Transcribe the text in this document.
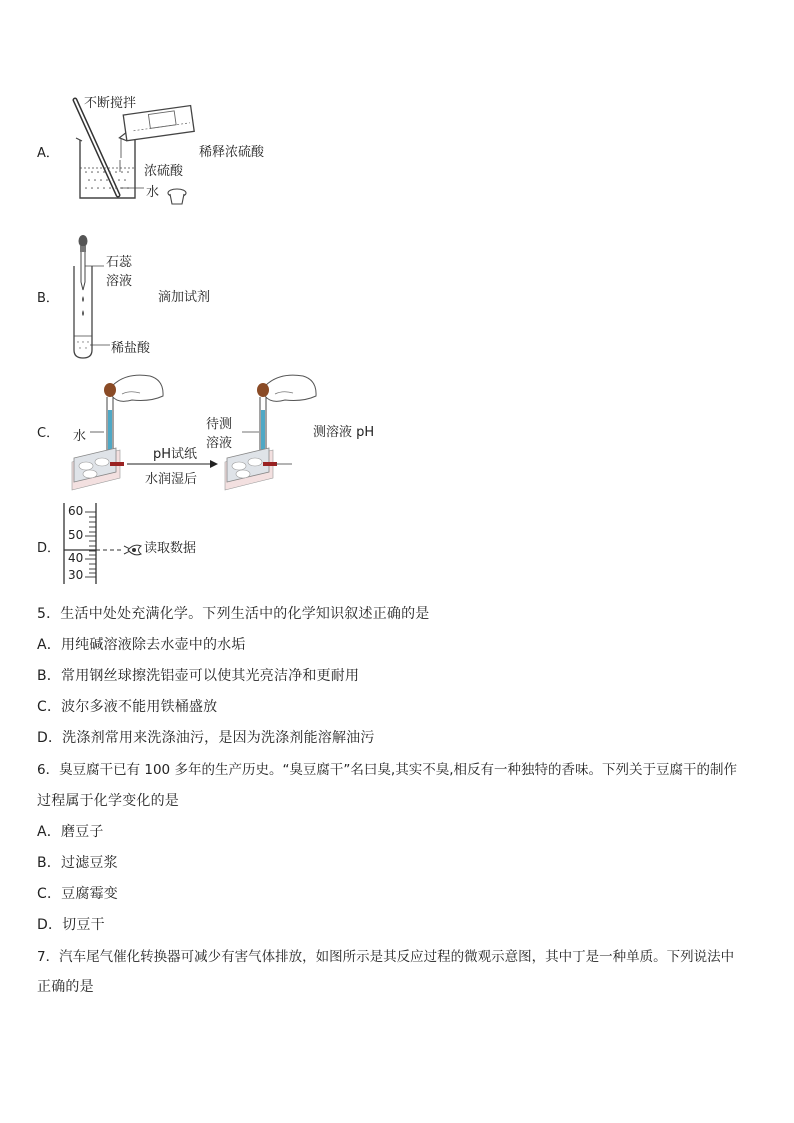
A．
不断搅拌
稀释浓硫酸
浓硫酸
水
B．
石蕊
溶液
滴加试剂
稀盐酸
C． 水
pH试纸
水润湿后
待测
溶液
测溶液 pH
D．
60
50
40
30
读取数据
5．生活中处处充满化学。下列生活中的化学知识叙述正确的是
A．用纯碱溶液除去水壶中的水垢
B．常用钢丝球擦洗铝壶可以使其光亮洁净和更耐用
C．波尔多液不能用铁桶盛放
D．洗涤剂常用来洗涤油污，是因为洗涤剂能溶解油污
6．臭豆腐干已有 100 多年的生产历史。“臭豆腐干”名曰臭,其实不臭,相反有一种独特的香味。下列关于豆腐干的制作
过程属于化学变化的是
A．磨豆子
B．过滤豆浆
C．豆腐霉变
D．切豆干
7．汽车尾气催化转换器可减少有害气体排放，如图所示是其反应过程的微观示意图，其中丁是一种单质。下列说法中
正确的是
